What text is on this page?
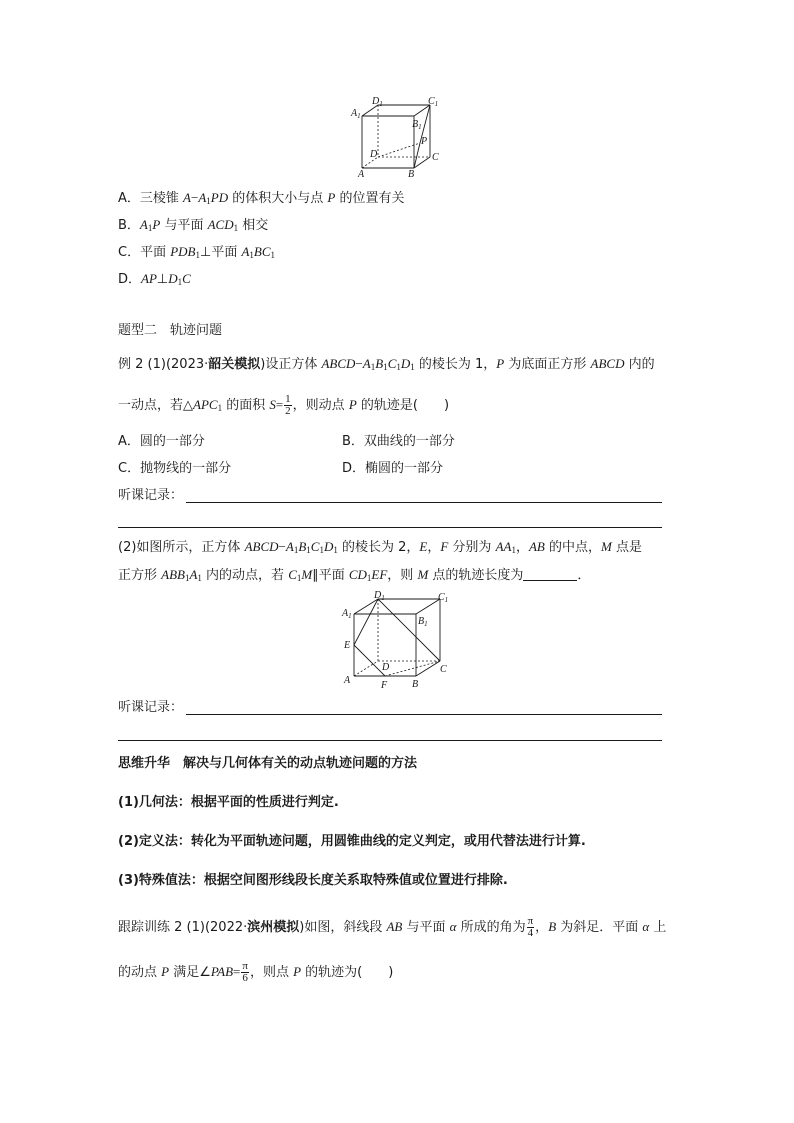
$D_1$	$C_1$
$A_1$
$B_1$
P
D	C
A	B
A．三棱锥 $A-A_1PD$ 的体积大小与点 P 的位置有关
B．$A_1P$ 与平面 $ACD_1$ 相交
C．平面 $PDB_1\perp$平面 $A_1BC_1$
D．$AP\perp D_1C$
题型二　轨迹问题
例 2 (1)(2023·韶关模拟)设正方体 $ABCD-A_1B_1C_1D_1$ 的棱长为 1，P 为底面正方形 ABCD 内的
一动点，若$\triangle APC_1$ 的面积 $S= \frac{1}{2}$ ，则动点 P 的轨迹是(　　)
A．圆的一部分	B．双曲线的一部分
C．抛物线的一部分	D．椭圆的一部分
听课记录：
(2)如图所示，正方体 $ABCD-A_1B_1C_1D_1$ 的棱长为 2，E，F 分别为 $AA_1$，AB 的中点，M 点是
正方形 $ABB_1A_1$ 内的动点，若 $C_1M\parallel$平面 $CD_1EF$，则 M 点的轨迹长度为	．
$D_1$	$C_1$
$A_1$	$B_1$
E
D	C
A	F B
听课记录：
思维升华　 解决与几何体有关的动点轨迹问题的方法
(1)几何法：根据平面的性质进行判定.
(2)定义法：转化为平面轨迹问题，用圆锥曲线的定义判定，或用代替法进行计算.
(3)特殊值法：根据空间图形线段长度关系取特殊值或位置进行排除.
跟踪训练 2 (1)(2022·滨州模拟)如图，斜线段 AB 与平面 α 所成的角为 $\frac{\pi}{4}$ ，B 为斜足．平面 α 上
的动点 P 满足∠PAB= $\frac{\pi}{6}$ ，则点 P 的轨迹为(　　)
